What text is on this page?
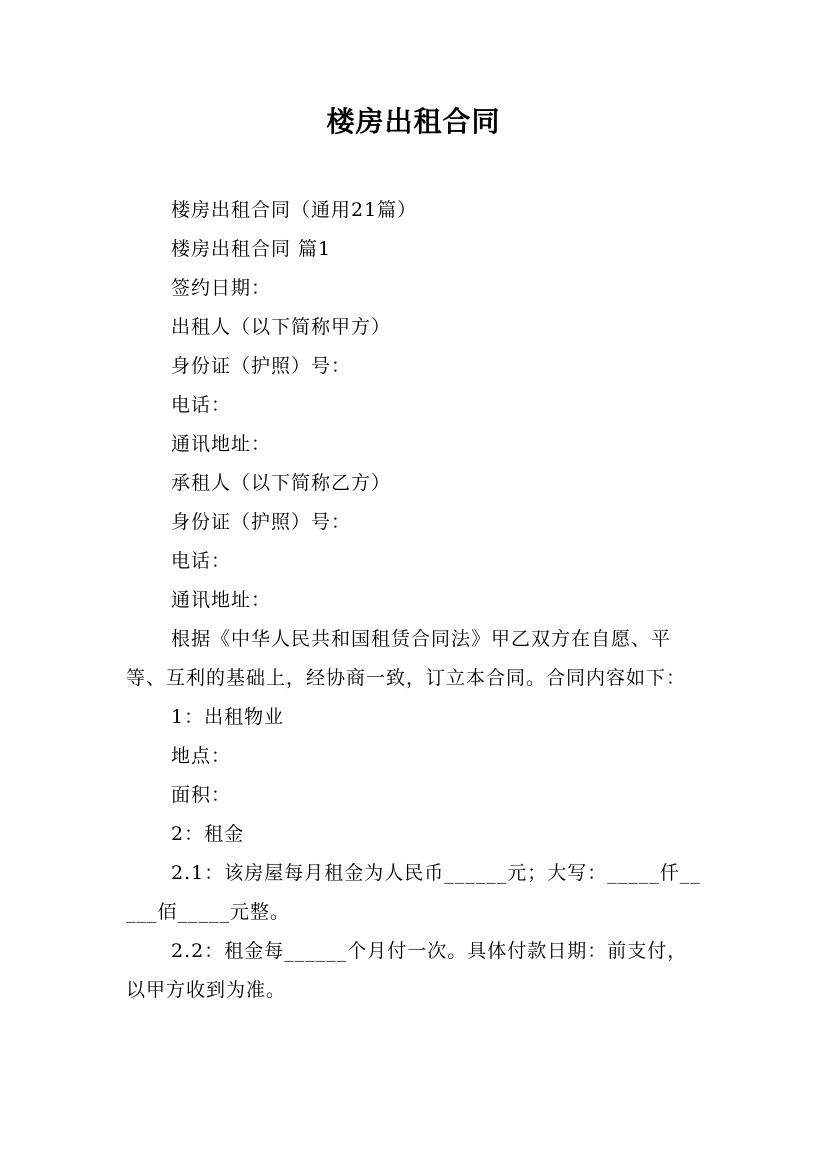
楼房出租合同

楼房出租合同（通用21篇）

楼房出租合同 篇1

签约日期：

出租人（以下简称甲方）

身份证（护照）号：

电话：

通讯地址：

承租人（以下简称乙方）

身份证（护照）号：

电话：

通讯地址：

根据《中华人民共和国租赁合同法》甲乙双方在自愿、平等、互利的基础上，经协商一致，订立本合同。合同内容如下：

1：出租物业

地点：

面积：

2：租金

2.1：该房屋每月租金为人民币______元；大写：_____仟_____佰_____元整。

2.2：租金每______个月付一次。具体付款日期：前支付，以甲方收到为准。
